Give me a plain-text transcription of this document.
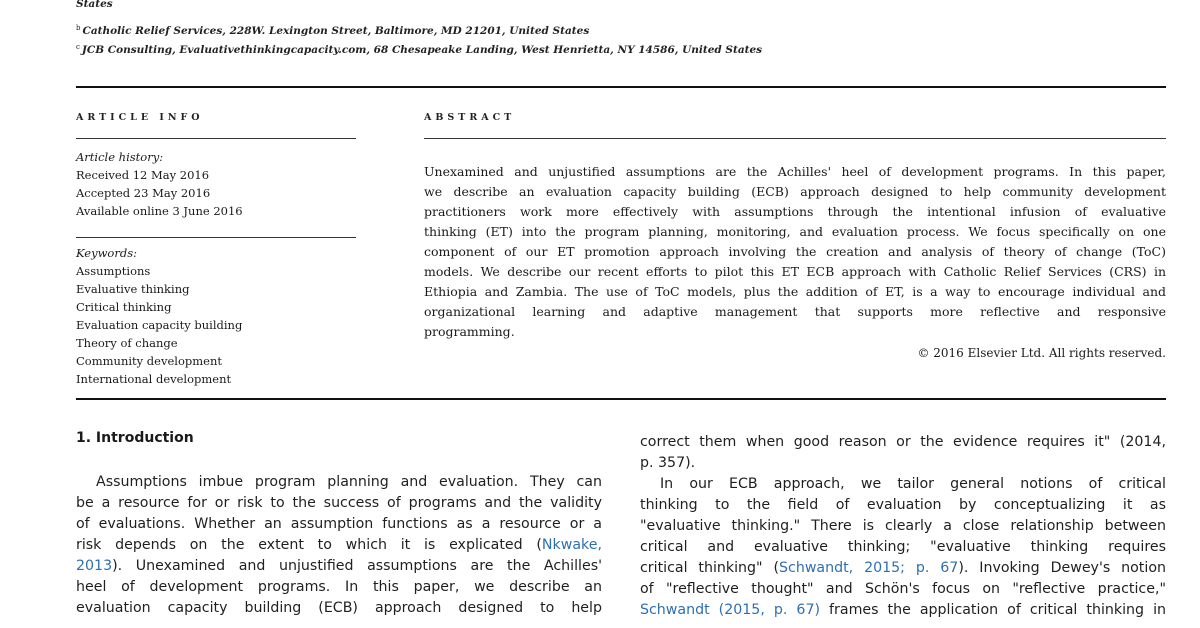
States
$^b$ Catholic Relief Services, 228W. Lexington Street, Baltimore, MD 21201, United States
$^c$ JCB Consulting, Evaluativethinkingcapacity.com, 68 Chesapeake Landing, West Henrietta, NY 14586, United States
ARTICLE INFO
Article history:
Received 12 May 2016
Accepted 23 May 2016
Available online 3 June 2016
Keywords:
Assumptions
Evaluative thinking
Critical thinking
Evaluation capacity building
Theory of change
Community development
International development
ABSTRACT
Unexamined and unjustified assumptions are the Achilles' heel of development programs. In this paper,
we describe an evaluation capacity building (ECB) approach designed to help community development
practitioners work more effectively with assumptions through the intentional infusion of evaluative
thinking (ET) into the program planning, monitoring, and evaluation process. We focus specifically on one
component of our ET promotion approach involving the creation and analysis of theory of change (ToC)
models. We describe our recent efforts to pilot this ET ECB approach with Catholic Relief Services (CRS) in
Ethiopia and Zambia. The use of ToC models, plus the addition of ET, is a way to encourage individual and
organizational learning and adaptive management that supports more reflective and responsive
programming.
© 2016 Elsevier Ltd. All rights reserved.
1. Introduction
Assumptions imbue program planning and evaluation. They can
be a resource for or risk to the success of programs and the validity
of evaluations. Whether an assumption functions as a resource or a
risk depends on the extent to which it is explicated (Nkwake,
2013). Unexamined and unjustified assumptions are the Achilles'
heel of development programs. In this paper, we describe an
evaluation capacity building (ECB) approach designed to help
correct them when good reason or the evidence requires it" (2014,
p. 357).
In our ECB approach, we tailor general notions of critical
thinking to the field of evaluation by conceptualizing it as
"evaluative thinking." There is clearly a close relationship between
critical and evaluative thinking; "evaluative thinking requires
critical thinking" (Schwandt, 2015; p. 67). Invoking Dewey's notion
of "reflective thought" and Schön's focus on "reflective practice,"
Schwandt (2015, p. 67) frames the application of critical thinking in
